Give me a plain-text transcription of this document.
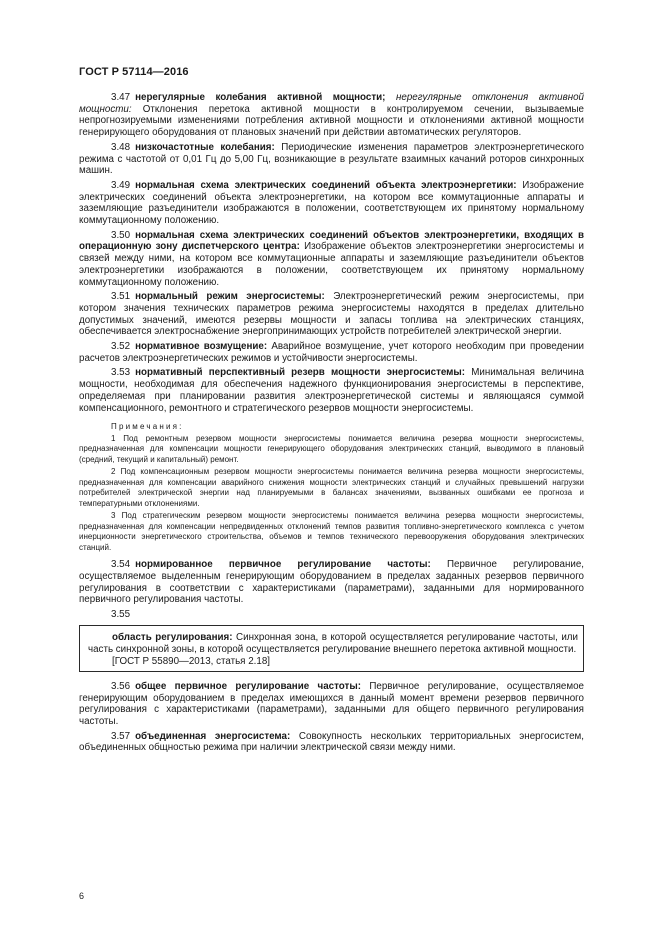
ГОСТ Р 57114—2016

3.47 нерегулярные колебания активной мощности; нерегулярные отклонения активной мощности: Отклонения перетока активной мощности в контролируемом сечении, вызываемые непрогнозируемыми изменениями потребления активной мощности и отклонениями активной мощности генерирующего оборудования от плановых значений при действии автоматических регуляторов.

3.48 низкочастотные колебания: Периодические изменения параметров электроэнергетического режима с частотой от 0,01 Гц до 5,00 Гц, возникающие в результате взаимных качаний роторов синхронных машин.

3.49 нормальная схема электрических соединений объекта электроэнергетики: Изображение электрических соединений объекта электроэнергетики, на котором все коммутационные аппараты и заземляющие разъединители изображаются в положении, соответствующем их принятому нормальному коммутационному положению.

3.50 нормальная схема электрических соединений объектов электроэнергетики, входящих в операционную зону диспетчерского центра: Изображение объектов электроэнергетики энергосистемы и связей между ними, на котором все коммутационные аппараты и заземляющие разъединители объектов электроэнергетики изображаются в положении, соответствующем их принятому нормальному коммутационному положению.

3.51 нормальный режим энергосистемы: Электроэнергетический режим энергосистемы, при котором значения технических параметров режима энергосистемы находятся в пределах длительно допустимых значений, имеются резервы мощности и запасы топлива на электрических станциях, обеспечивается электроснабжение энергопринимающих устройств потребителей электрической энергии.

3.52 нормативное возмущение: Аварийное возмущение, учет которого необходим при проведении расчетов электроэнергетических режимов и устойчивости энергосистемы.

3.53 нормативный перспективный резерв мощности энергосистемы: Минимальная величина мощности, необходимая для обеспечения надежного функционирования энергосистемы в перспективе, определяемая при планировании развития электроэнергетической системы и являющаяся суммой компенсационного, ремонтного и стратегического резервов мощности энергосистемы.

Примечания:
1 Под ремонтным резервом мощности энергосистемы понимается величина резерва мощности энергосистемы, предназначенная для компенсации мощности генерирующего оборудования электрических станций, выводимого в плановый (средний, текущий и капитальный) ремонт.
2 Под компенсационным резервом мощности энергосистемы понимается величина резерва мощности энергосистемы, предназначенная для компенсации аварийного снижения мощности электрических станций и случайных превышений нагрузки потребителей электрической энергии над планируемыми в балансах значениями, вызванных ошибками ее прогноза и температурными отклонениями.
3 Под стратегическим резервом мощности энергосистемы понимается величина резерва мощности энергосистемы, предназначенная для компенсации непредвиденных отклонений темпов развития топливно-энергетического комплекса с учетом инерционности энергетического строительства, объемов и темпов технического перевооружения оборудования электрических станций.

3.54 нормированное первичное регулирование частоты: Первичное регулирование, осуществляемое выделенным генерирующим оборудованием в пределах заданных резервов первичного регулирования в соответствии с характеристиками (параметрами), заданными для нормированного первичного регулирования частоты.

3.55
область регулирования: Синхронная зона, в которой осуществляется регулирование частоты, или часть синхронной зоны, в которой осуществляется регулирование внешнего перетока активной мощности.
[ГОСТ Р 55890—2013, статья 2.18]

3.56 общее первичное регулирование частоты: Первичное регулирование, осуществляемое генерирующим оборудованием в пределах имеющихся в данный момент времени резервов первичного регулирования с характеристиками (параметрами), заданными для общего первичного регулирования частоты.

3.57 объединенная энергосистема: Совокупность нескольких территориальных энергосистем, объединенных общностью режима при наличии электрической связи между ними.

6
